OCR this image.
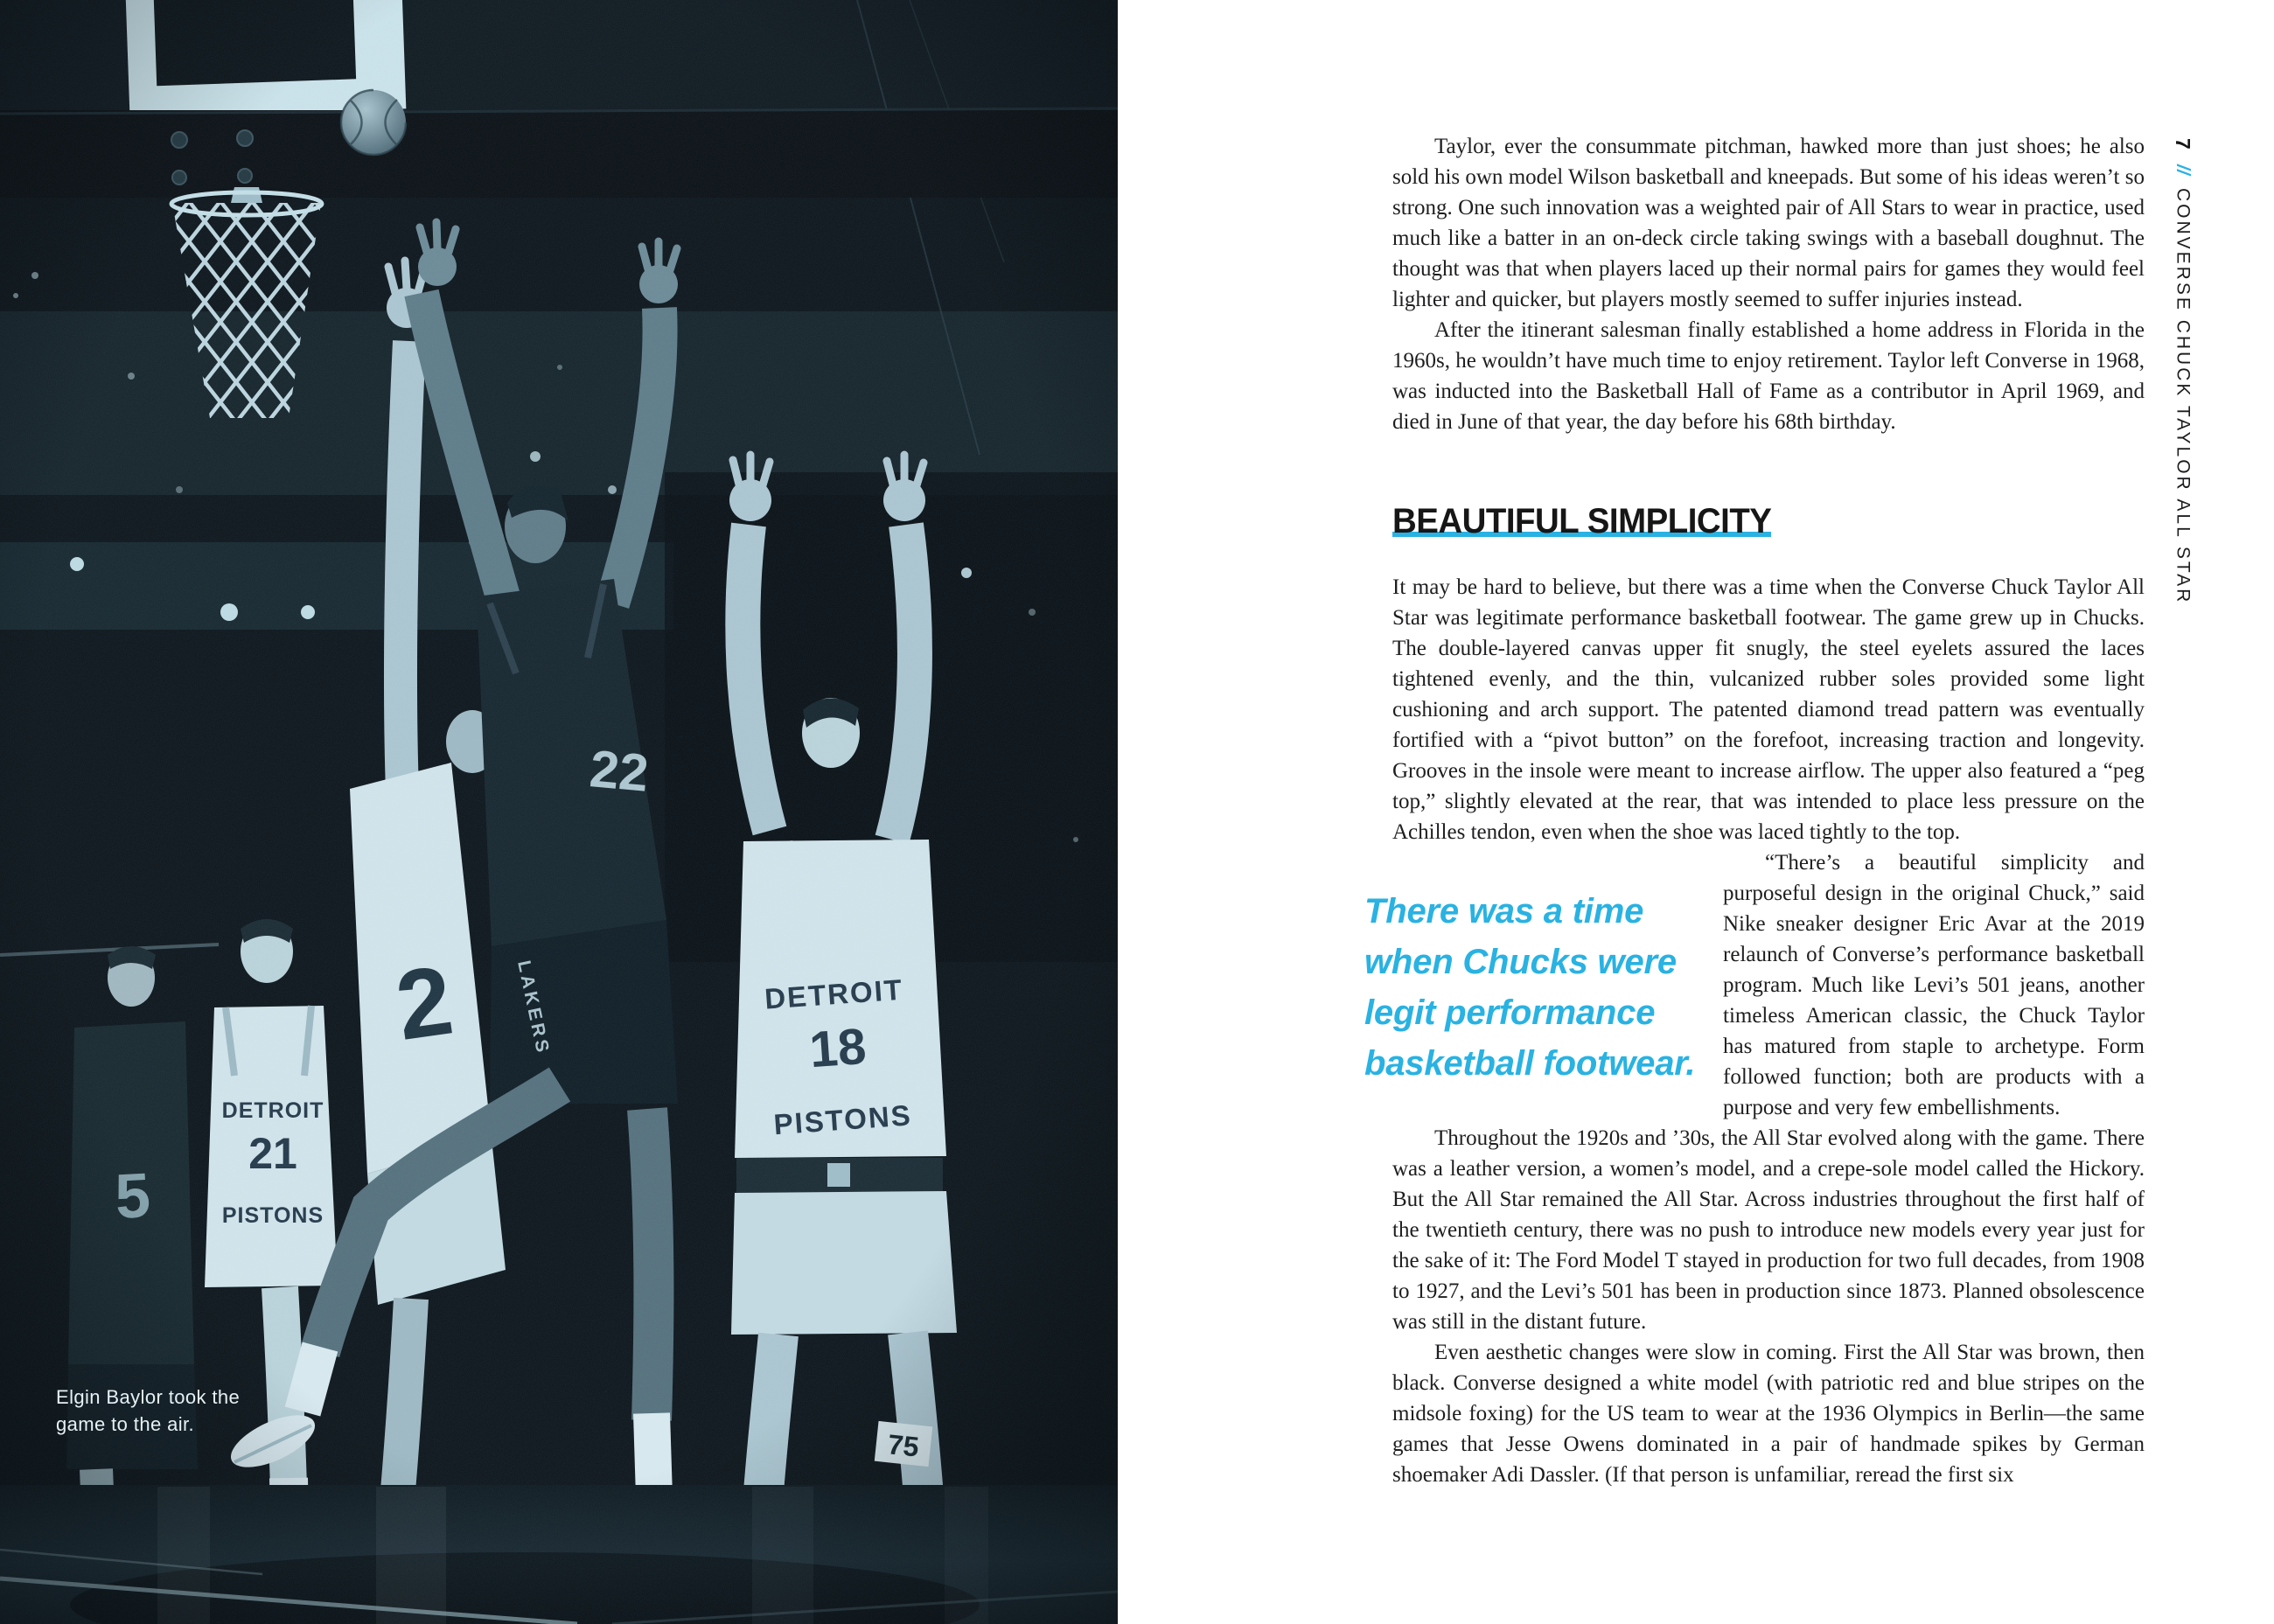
Elgin Baylor took the
game to the air.

Taylor, ever the consummate pitchman, hawked more than just shoes; he also sold his own model Wilson basketball and kneepads. But some of his ideas weren’t so strong. One such innovation was a weighted pair of All Stars to wear in practice, used much like a batter in an on-deck circle taking swings with a baseball doughnut. The thought was that when players laced up their normal pairs for games they would feel lighter and quicker, but players mostly seemed to suffer injuries instead.

After the itinerant salesman finally established a home address in Florida in the 1960s, he wouldn’t have much time to enjoy retirement. Taylor left Converse in 1968, was inducted into the Basketball Hall of Fame as a contributor in April 1969, and died in June of that year, the day before his 68th birthday.

BEAUTIFUL SIMPLICITY

It may be hard to believe, but there was a time when the Converse Chuck Taylor All Star was legitimate performance basketball footwear. The game grew up in Chucks. The double-layered canvas upper fit snugly, the steel eyelets assured the laces tightened evenly, and the thin, vulcanized rubber soles provided some light cushioning and arch support. The patented diamond tread pattern was eventually fortified with a “pivot button” on the forefoot, increasing traction and longevity. Grooves in the insole were meant to increase airflow. The upper also featured a “peg top,” slightly elevated at the rear, that was intended to place less pressure on the Achilles tendon, even when the shoe was laced tightly to the top.

There was a time
when Chucks were
legit performance
basketball footwear.
“There’s a beautiful simplicity and purposeful design in the original Chuck,” said Nike sneaker designer Eric Avar at the 2019 relaunch of Converse’s performance basketball program. Much like Levi’s 501 jeans, another timeless American classic, the Chuck Taylor has matured from staple to archetype. Form followed function; both are products with a purpose and very few embellishments.

Throughout the 1920s and ’30s, the All Star evolved along with the game. There was a leather version, a women’s model, and a crepe-sole model called the Hickory. But the All Star remained the All Star. Across industries throughout the first half of the twentieth century, there was no push to introduce new models every year just for the sake of it: The Ford Model T stayed in production for two full decades, from 1908 to 1927, and the Levi’s 501 has been in production since 1873. Planned obsolescence was still in the distant future.

Even aesthetic changes were slow in coming. First the All Star was brown, then black. Converse designed a white model (with patriotic red and blue stripes on the midsole foxing) for the US team to wear at the 1936 Olympics in Berlin—the same games that Jesse Owens dominated in a pair of handmade spikes by German shoemaker Adi Dassler. (If that person is unfamiliar, reread the first six

7
//
CONVERSE CHUCK TAYLOR ALL STAR
